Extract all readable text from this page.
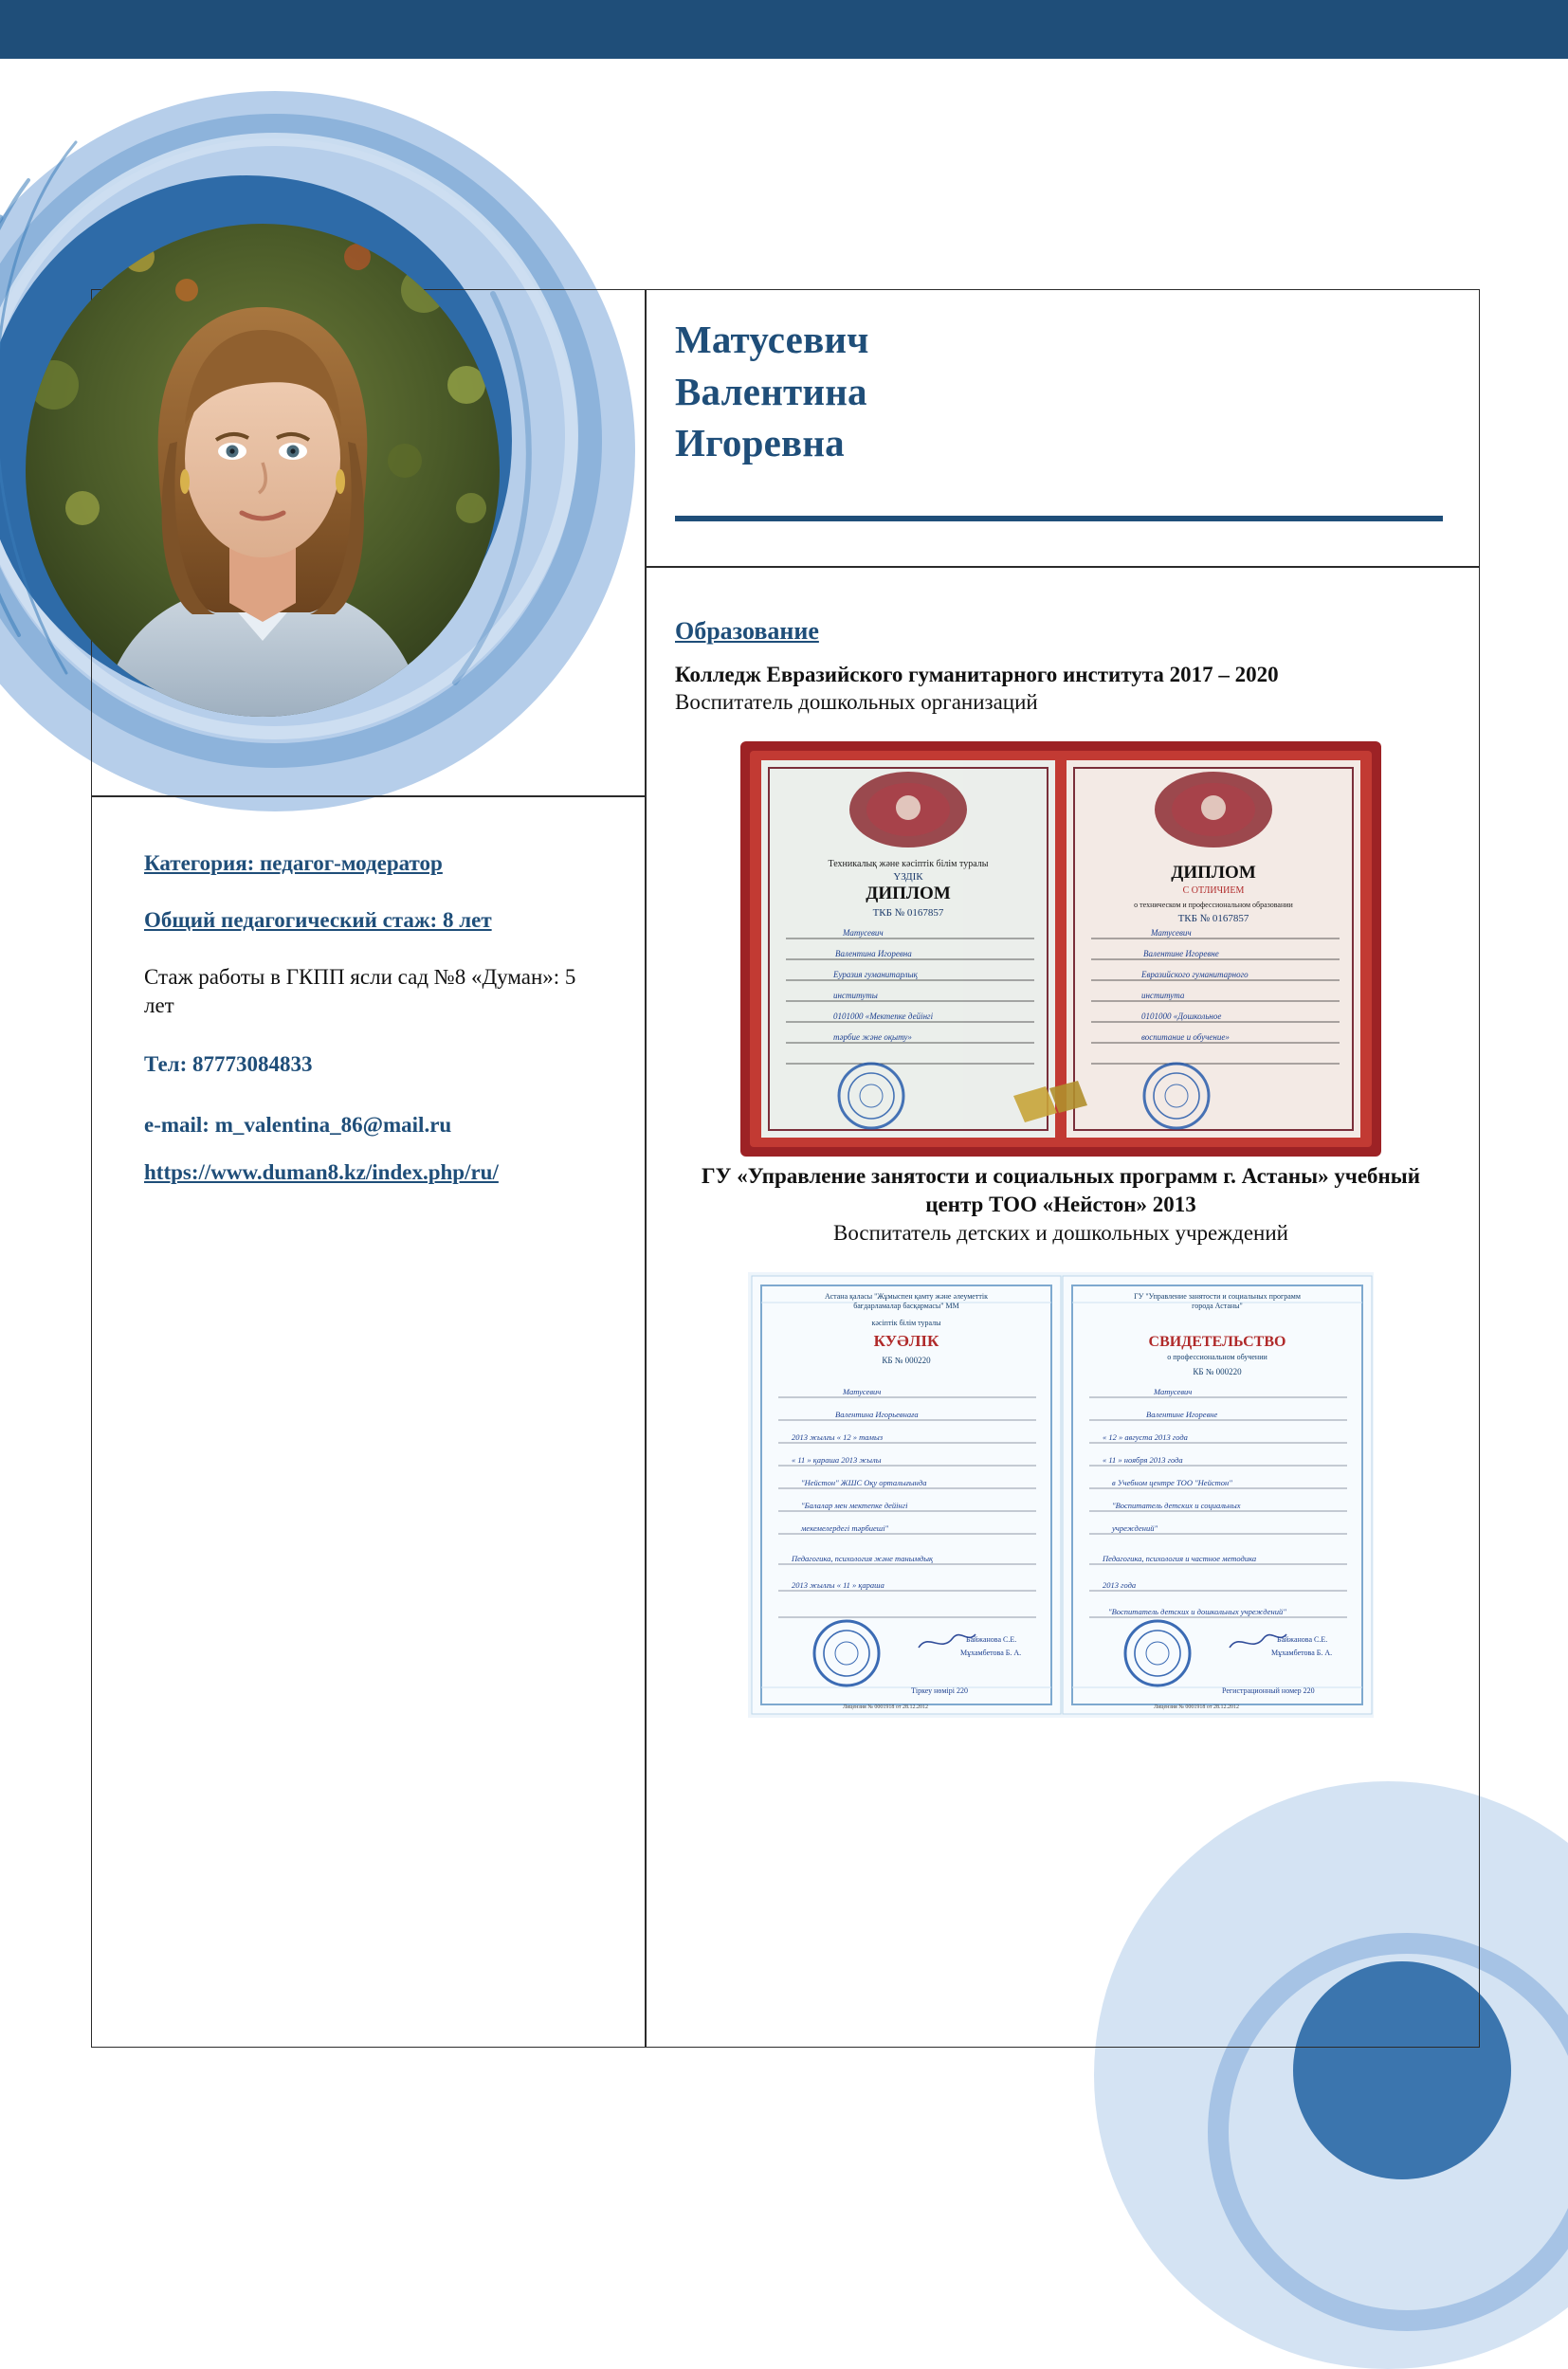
Категория: педагог-модератор

Общий педагогический стаж: 8 лет

Стаж работы в ГКПП ясли сад №8 «Думан»: 5 лет

Тел: 87773084833

e-mail: m_valentina_86@mail.ru

https://www.duman8.kz/index.php/ru/

Матусевич
Валентина
Игоревна

Образование

Колледж Евразийского гуманитарного института 2017 – 2020

Воспитатель дошкольных организаций

Техникалық және кәсіптік білім туралы
ҮЗДІК
ДИПЛОМ
ТКБ № 0167857
ДИПЛОМ
С ОТЛИЧИЕМ
о техническом и профессиональном образовании
ТКБ № 0167857
Матусевич
Валентина Игоревна
Еуразия гуманитарлық
институты
0101000 «Мектепке дейінгі
тәрбие және оқыту»
Матусевич
Валентине Игоревне
Евразийского гуманитарного
института
0101000 «Дошкольное
воспитание и обучение»

ГУ «Управление занятости и социальных программ г. Астаны» учебный центр ТОО «Нейстон» 2013

Воспитатель детских и дошкольных учреждений

Астана қаласы "Жұмыспен қамту және әлеуметтік
бағдарламалар басқармасы" ММ
кәсіптік білім туралы
КУӘЛІК
КБ № 000220
ГУ "Управление занятости и социальных программ
города Астаны"
СВИДЕТЕЛЬСТВО
о профессиональном обучении
КБ № 000220
Матусевич
Валентина Игорьевнаға
2013 жылғы « 12 » тамыз
« 11 » қараша 2013 жылы
"Нейстон" ЖШС Оқу орталығында
"Балалар мен мектепке дейінгі
мекемелердегі тәрбиеші"
Педагогика, психология және танымдық
2013 жылғы « 11 » қараша
Матусевич
Валентине Игоревне
« 12 » августа 2013 года
« 11 » ноября 2013 года
в Учебном центре ТОО "Нейстон"
"Воспитатель детских и социальных
учреждений"
Педагогика, психология и частное методика
2013 года
"Воспитатель детских и дошкольных учреждений"
Байжанова С.Е.
Мұхамбетова Б. А.
Байжанова С.Е.
Мұхамбетова Б. А.
Тіркеу нөмірі 220	Регистрационный номер 220
Лицензия № 0001918 от 28.12.2012	Лицензия № 0001918 от 28.12.2012
